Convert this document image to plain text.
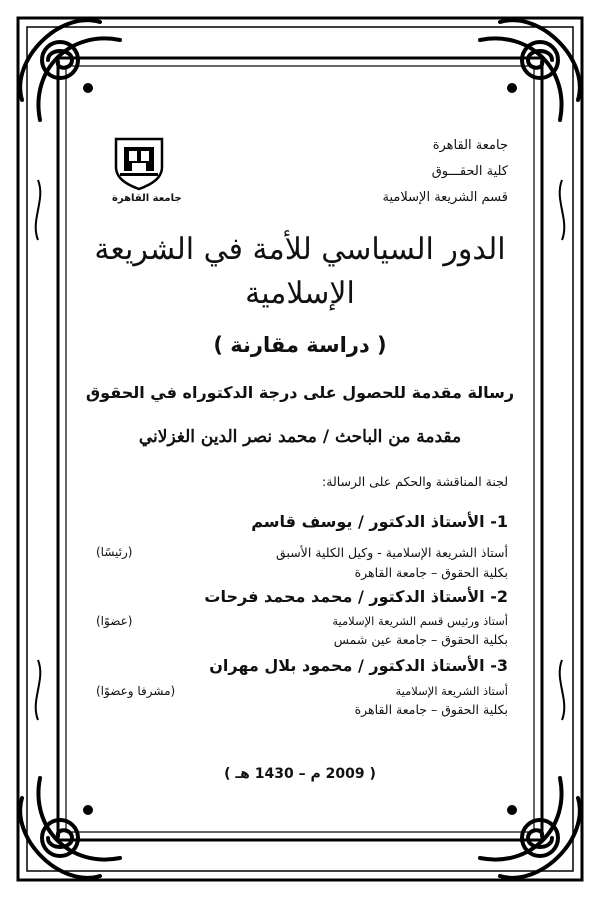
جامعة القاهرة
كلية الحقـــوق
قسم الشريعة الإسلامية
جامعة القاهرة
الدور السياسي للأمة في الشريعة
الإسلامية
( دراسة مقارنة )
رسالة مقدمة للحصول على درجة الدكتوراه في الحقوق
مقدمة من الباحث / محمد نصر الدين الغزلاني
لجنة المناقشة والحكم على الرسالة:
1- الأستاذ الدكتور / يوسف قاسم
أستاذ الشريعة الإسلامية - وكيل الكلية الأسبق
بكلية الحقوق – جامعة القاهرة
(رئيسًا)
2- الأستاذ الدكتور / محمد محمد فرحات
أستاذ ورئيس قسم الشريعة الإسلامية
بكلية الحقوق – جامعة عين شمس
(عضوًا)
3- الأستاذ الدكتور / محمود بلال مهران
أستاذ الشريعة الإسلامية
بكلية الحقوق – جامعة القاهرة
(مشرفا وعضوًا)
( 2009 م – 1430 هـ )
